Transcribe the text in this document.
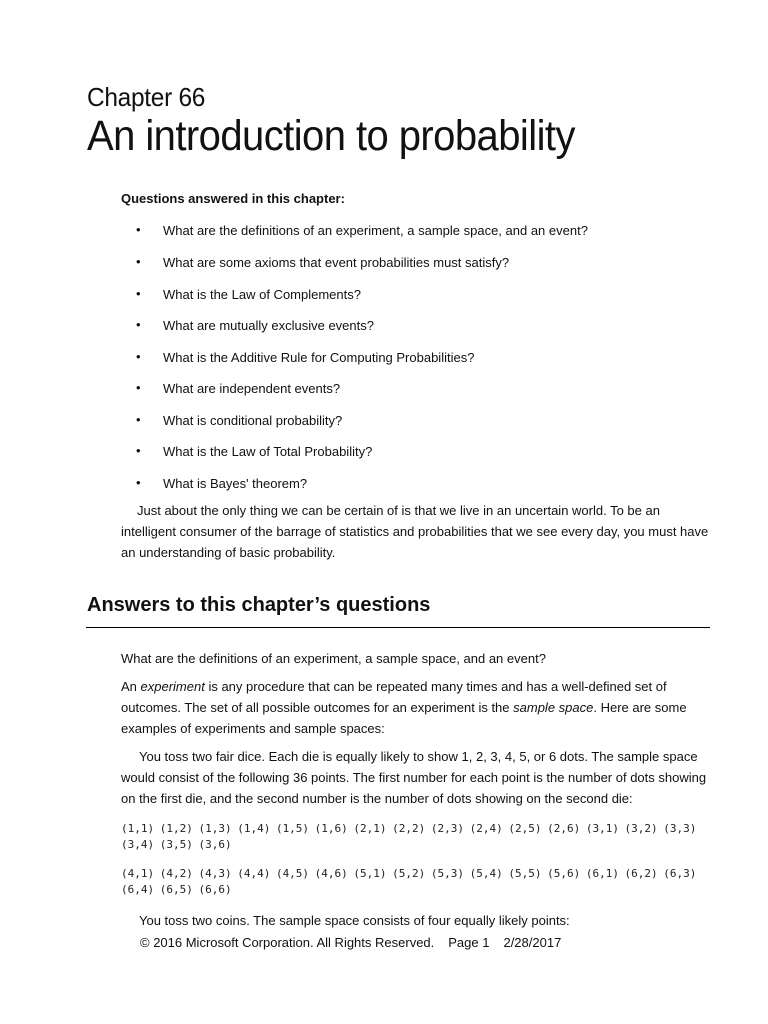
Chapter 66
An introduction to probability
Questions answered in this chapter:
• What are the definitions of an experiment, a sample space, and an event?
• What are some axioms that event probabilities must satisfy?
• What is the Law of Complements?
• What are mutually exclusive events?
• What is the Additive Rule for Computing Probabilities?
• What are independent events?
• What is conditional probability?
• What is the Law of Total Probability?
• What is Bayes' theorem?

Just about the only thing we can be certain of is that we live in an uncertain world. To be an intelligent consumer of the barrage of statistics and probabilities that we see every day, you must have an understanding of basic probability.

Answers to this chapter’s questions

What are the definitions of an experiment, a sample space, and an event?

An experiment is any procedure that can be repeated many times and has a well-defined set of outcomes. The set of all possible outcomes for an experiment is the sample space. Here are some examples of experiments and sample spaces:

You toss two fair dice. Each die is equally likely to show 1, 2, 3, 4, 5, or 6 dots. The sample space would consist of the following 36 points. The first number for each point is the number of dots showing on the first die, and the second number is the number of dots showing on the second die:

(1,1) (1,2) (1,3) (1,4) (1,5) (1,6) (2,1) (2,2) (2,3) (2,4) (2,5) (2,6) (3,1) (3,2) (3,3) (3,4) (3,5) (3,6)
(4,1) (4,2) (4,3) (4,4) (4,5) (4,6) (5,1) (5,2) (5,3) (5,4) (5,5) (5,6) (6,1) (6,2) (6,3) (6,4) (6,5) (6,6)

You toss two coins. The sample space consists of four equally likely points:

© 2016 Microsoft Corporation. All Rights Reserved. Page 1 2/28/2017
